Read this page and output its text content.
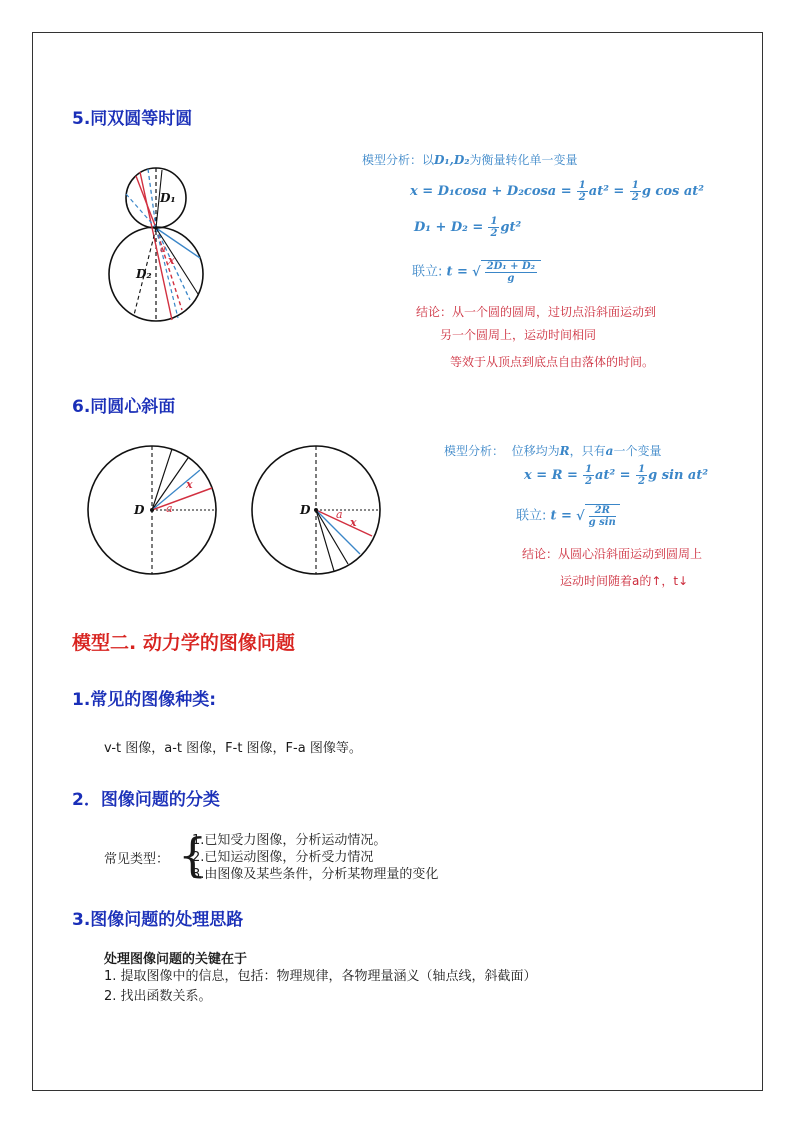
5.同双圆等时圆
D₁
D₂
a
x
模型分析：以D₁,D₂为衡量转化单一变量
$x = D_1\cos a + D_2\cos a = \frac{1}{2} at^2 = \frac{1}{2}$ g cos at²
$D_1 + D_2 = \frac{1}{2} gt^2$
联立: t = √ $\frac{\text{2D₁ + D₂}}{g}$
结论：从一个圆的圆周，过切点沿斜面运动到
另一个圆周上，运动时间相同
等效于从顶点到底点自由落体的时间。
6.同圆心斜面
D a
x
D a
x
模型分析： 位移均为R，只有a一个变量
$x = R = \frac{1}{2} at^2 = \frac{1}{2}$ g sin at²
联立: t = √ $\frac{2R}{\text{g sin}}$
结论：从圆心沿斜面运动到圆周上
运动时间随着a的↑，t↓
模型二. 动力学的图像问题
1.常见的图像种类:
v-t 图像，a-t 图像，F-t 图像，F-a 图像等。
2．图像问题的分类
常见类型： {
1.已知受力图像，分析运动情况。
2.已知运动图像，分析受力情况
3.由图像及某些条件，分析某物理量的变化
3.图像问题的处理思路
处理图像问题的关键在于
1. 提取图像中的信息，包括：物理规律，各物理量涵义（轴点线，斜截面）
2. 找出函数关系。
